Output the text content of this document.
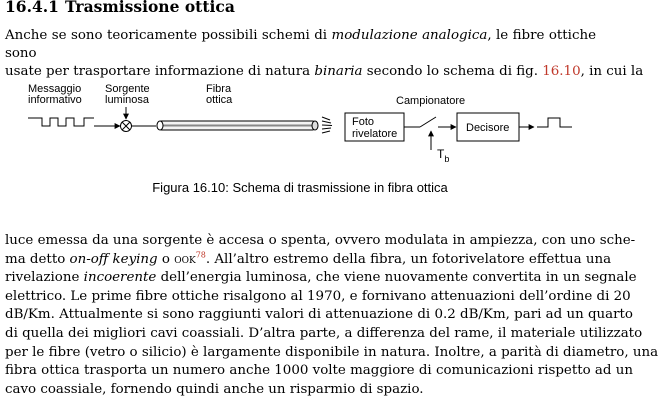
16.4.1 Trasmissione ottica
Anche se sono teoricamente possibili schemi di modulazione analogica, le fibre ottiche sono
usate per trasportare informazione di natura binaria secondo lo schema di fig. 16.10, in cui la
Messaggio
informativo
Sorgente
luminosa
Fibra
ottica	Campionatore
Foto
rivelatore
$T_b$
Decisore
Figura 16.10: Schema di trasmissione in fibra ottica
luce emessa da una sorgente è accesa o spenta, ovvero modulata in ampiezza, con uno sche-
ma detto on-off keying o ook$^{78}$. All’altro estremo della fibra, un fotorivelatore effettua una
rivelazione incoerente dell’energia luminosa, che viene nuovamente convertita in un segnale
elettrico. Le prime fibre ottiche risalgono al 1970, e fornivano attenuazioni dell’ordine di 20
dB/Km. Attualmente si sono raggiunti valori di attenuazione di 0.2 dB/Km, pari ad un quarto
di quella dei migliori cavi coassiali. D’altra parte, a differenza del rame, il materiale utilizzato
per le fibre (vetro o silicio) è largamente disponibile in natura. Inoltre, a parità di diametro, una
fibra ottica trasporta un numero anche 1000 volte maggiore di comunicazioni rispetto ad un
cavo coassiale, fornendo quindi anche un risparmio di spazio.
